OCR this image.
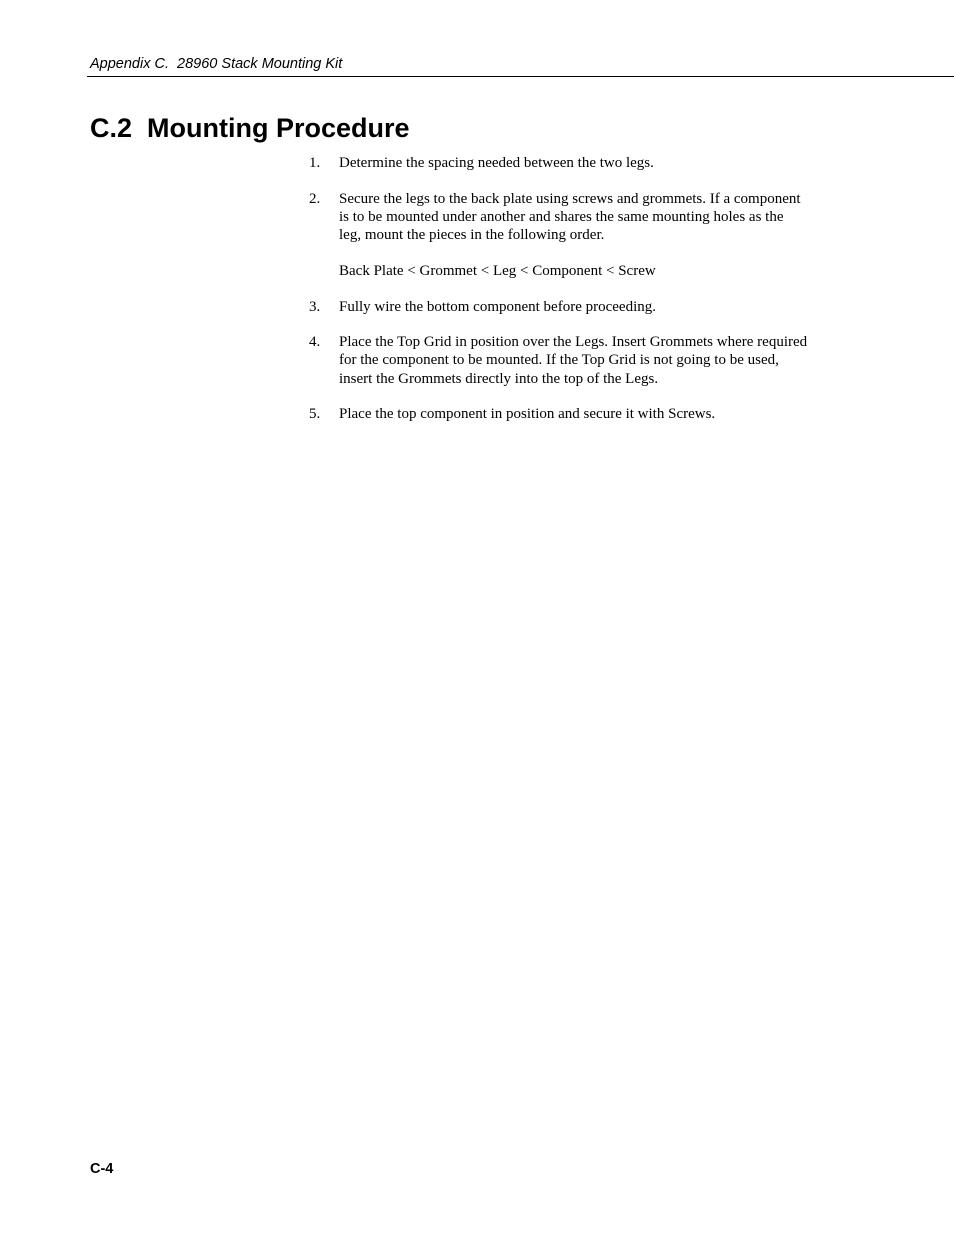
Appendix C.  28960 Stack Mounting Kit
C.2  Mounting Procedure
1. Determine the spacing needed between the two legs.
2. Secure the legs to the back plate using screws and grommets. If a component is to be mounted under another and shares the same mounting holes as the leg, mount the pieces in the following order.
Back Plate < Grommet < Leg < Component < Screw
3. Fully wire the bottom component before proceeding.
4. Place the Top Grid in position over the Legs. Insert Grommets where required for the component to be mounted. If the Top Grid is not going to be used, insert the Grommets directly into the top of the Legs.
5. Place the top component in position and secure it with Screws.
C-4
